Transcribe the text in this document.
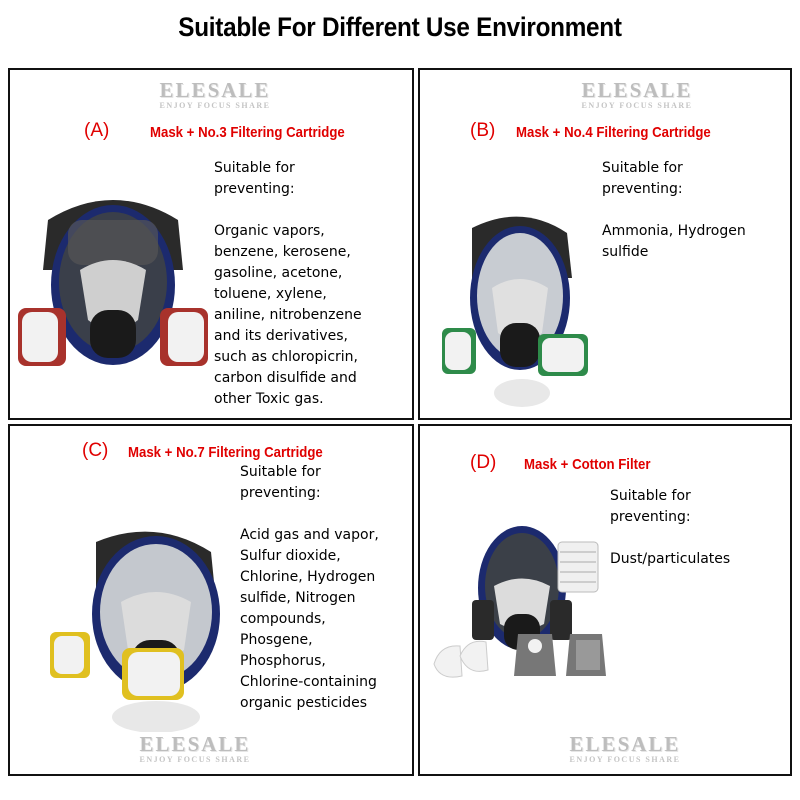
Suitable For Different Use Environment
ELESALE
ENJOY FOCUS SHARE
(A)	Mask + No.3 Filtering Cartridge
Suitable for
preventing:
Organic vapors,
benzene, kerosene,
gasoline, acetone,
toluene, xylene,
aniline, nitrobenzene
and its derivatives,
such as chloropicrin,
carbon disulfide and
other Toxic gas.
ELESALE
ENJOY FOCUS SHARE
(B) Mask + No.4 Filtering Cartridge
Suitable for
preventing:
Ammonia, Hydrogen
sulfide
(C) Mask + No.7 Filtering Cartridge
Suitable for
preventing:
Acid gas and vapor,
Sulfur dioxide,
Chlorine, Hydrogen
sulfide, Nitrogen
compounds,
Phosgene,
Phosphorus,
Chlorine-containing
organic pesticides
ELESALE
ENJOY FOCUS SHARE
(D) Mask + Cotton Filter
Suitable for
preventing:
Dust/particulates
ELESALE
ENJOY FOCUS SHARE
